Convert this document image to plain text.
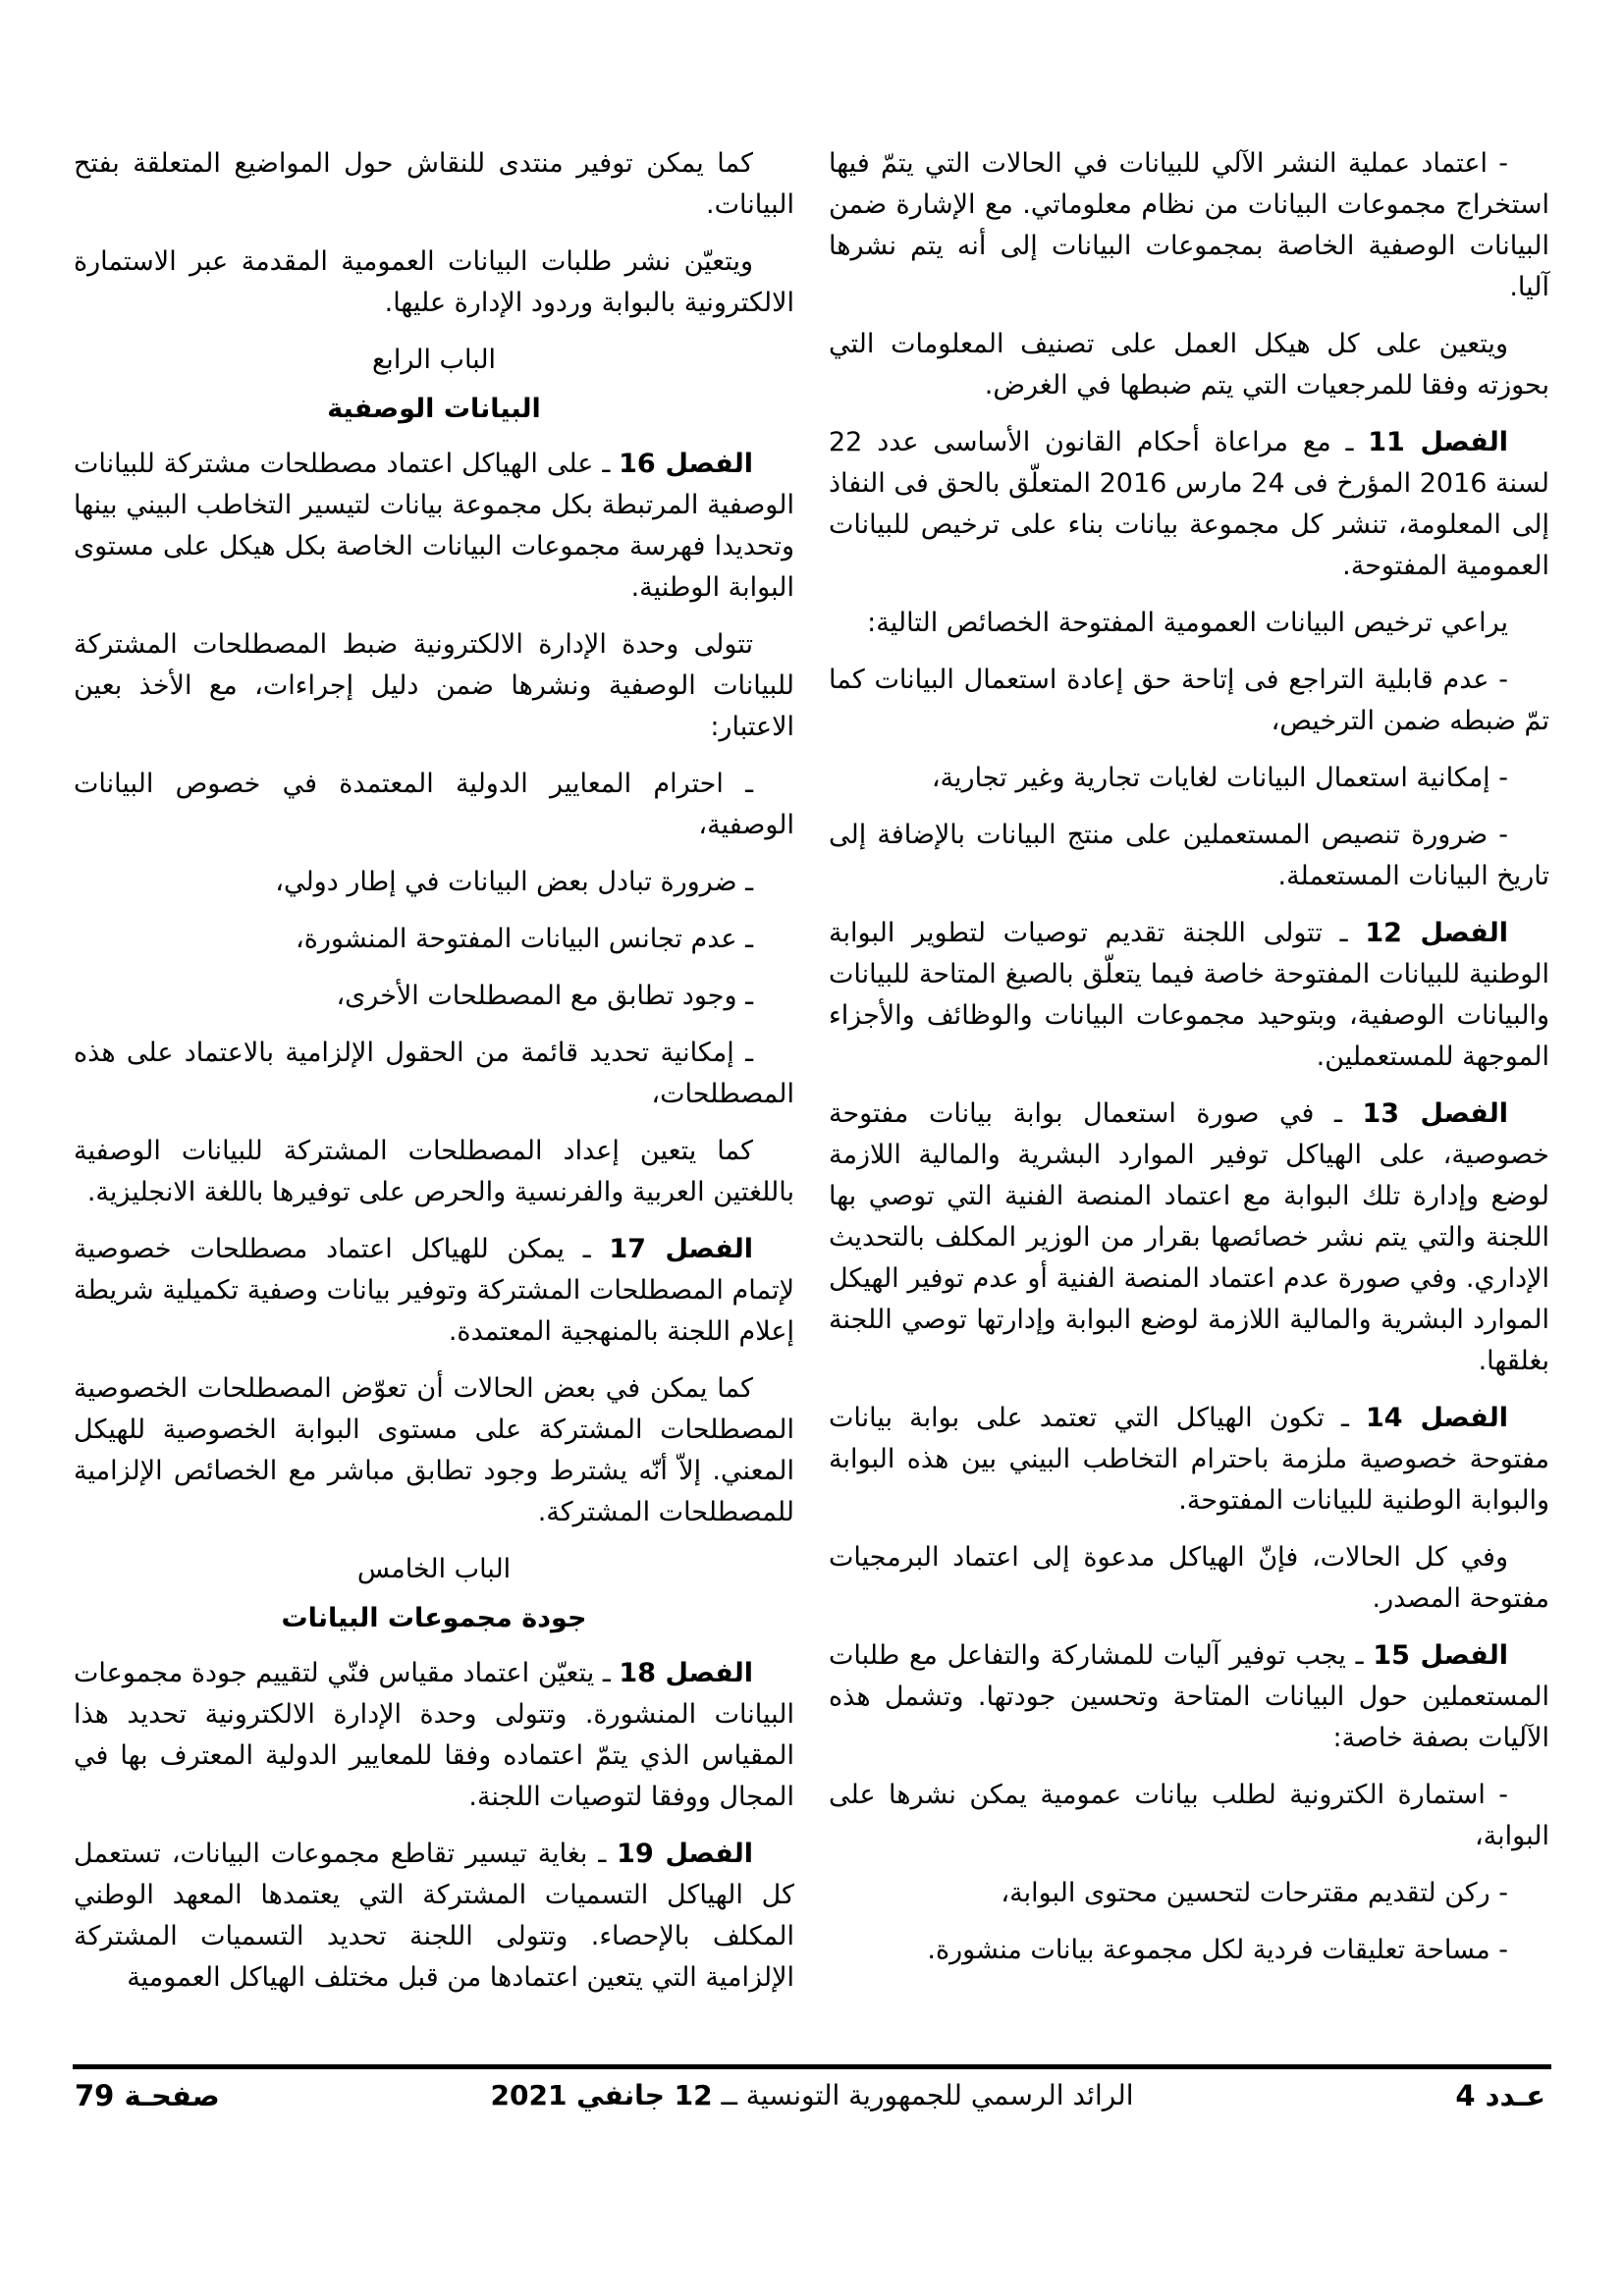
- اعتماد عملية النشر الآلي للبيانات في الحالات التي يتمّ فيها استخراج مجموعات البيانات من نظام معلوماتي. مع الإشارة ضمن البيانات الوصفية الخاصة بمجموعات البيانات إلى أنه يتم نشرها آليا.

ويتعين على كل هيكل العمل على تصنيف المعلومات التي بحوزته وفقا للمرجعيات التي يتم ضبطها في الغرض.

الفصل 11 ـ مع مراعاة أحكام القانون الأساسى عدد 22 لسنة 2016 المؤرخ فى 24 مارس 2016 المتعلّق بالحق فى النفاذ إلى المعلومة، تنشر كل مجموعة بيانات بناء على ترخيص للبيانات العمومية المفتوحة.

يراعي ترخيص البيانات العمومية المفتوحة الخصائص التالية:

- عدم قابلية التراجع فى إتاحة حق إعادة استعمال البيانات كما تمّ ضبطه ضمن الترخيص،

- إمكانية استعمال البيانات لغايات تجارية وغير تجارية،

- ضرورة تنصيص المستعملين على منتج البيانات بالإضافة إلى تاريخ البيانات المستعملة.

الفصل 12 ـ تتولى اللجنة تقديم توصيات لتطوير البوابة الوطنية للبيانات المفتوحة خاصة فيما يتعلّق بالصيغ المتاحة للبيانات والبيانات الوصفية، وبتوحيد مجموعات البيانات والوظائف والأجزاء الموجهة للمستعملين.

الفصل 13 ـ في صورة استعمال بوابة بيانات مفتوحة خصوصية، على الهياكل توفير الموارد البشرية والمالية اللازمة لوضع وإدارة تلك البوابة مع اعتماد المنصة الفنية التي توصي بها اللجنة والتي يتم نشر خصائصها بقرار من الوزير المكلف بالتحديث الإداري. وفي صورة عدم اعتماد المنصة الفنية أو عدم توفير الهيكل الموارد البشرية والمالية اللازمة لوضع البوابة وإدارتها توصي اللجنة بغلقها.

الفصل 14 ـ تكون الهياكل التي تعتمد على بوابة بيانات مفتوحة خصوصية ملزمة باحترام التخاطب البيني بين هذه البوابة والبوابة الوطنية للبيانات المفتوحة.

وفي كل الحالات، فإنّ الهياكل مدعوة إلى اعتماد البرمجيات مفتوحة المصدر.

الفصل 15 ـ يجب توفير آليات للمشاركة والتفاعل مع طلبات المستعملين حول البيانات المتاحة وتحسين جودتها. وتشمل هذه الآليات بصفة خاصة:

- استمارة الكترونية لطلب بيانات عمومية يمكن نشرها على البوابة،

- ركن لتقديم مقترحات لتحسين محتوى البوابة،

- مساحة تعليقات فردية لكل مجموعة بيانات منشورة.

كما يمكن توفير منتدى للنقاش حول المواضيع المتعلقة بفتح البيانات.

ويتعيّن نشر طلبات البيانات العمومية المقدمة عبر الاستمارة الالكترونية بالبوابة وردود الإدارة عليها.

الباب الرابع

البيانات الوصفية

الفصل 16 ـ على الهياكل اعتماد مصطلحات مشتركة للبيانات الوصفية المرتبطة بكل مجموعة بيانات لتيسير التخاطب البيني بينها وتحديدا فهرسة مجموعات البيانات الخاصة بكل هيكل على مستوى البوابة الوطنية.

تتولى وحدة الإدارة الالكترونية ضبط المصطلحات المشتركة للبيانات الوصفية ونشرها ضمن دليل إجراءات، مع الأخذ بعين الاعتبار:

ـ احترام المعايير الدولية المعتمدة في خصوص البيانات الوصفية،

ـ ضرورة تبادل بعض البيانات في إطار دولي،

ـ عدم تجانس البيانات المفتوحة المنشورة،

ـ وجود تطابق مع المصطلحات الأخرى،

ـ إمكانية تحديد قائمة من الحقول الإلزامية بالاعتماد على هذه المصطلحات،

كما يتعين إعداد المصطلحات المشتركة للبيانات الوصفية باللغتين العربية والفرنسية والحرص على توفيرها باللغة الانجليزية.

الفصل 17 ـ يمكن للهياكل اعتماد مصطلحات خصوصية لإتمام المصطلحات المشتركة وتوفير بيانات وصفية تكميلية شريطة إعلام اللجنة بالمنهجية المعتمدة.

كما يمكن في بعض الحالات أن تعوّض المصطلحات الخصوصية المصطلحات المشتركة على مستوى البوابة الخصوصية للهيكل المعني. إلاّ أنّه يشترط وجود تطابق مباشر مع الخصائص الإلزامية للمصطلحات المشتركة.

الباب الخامس

جودة مجموعات البيانات

الفصل 18 ـ يتعيّن اعتماد مقياس فنّي لتقييم جودة مجموعات البيانات المنشورة. وتتولى وحدة الإدارة الالكترونية تحديد هذا المقياس الذي يتمّ اعتماده وفقا للمعايير الدولية المعترف بها في المجال ووفقا لتوصيات اللجنة.

الفصل 19 ـ بغاية تيسير تقاطع مجموعات البيانات، تستعمل كل الهياكل التسميات المشتركة التي يعتمدها المعهد الوطني المكلف بالإحصاء. وتتولى اللجنة تحديد التسميات المشتركة الإلزامية التي يتعين اعتمادها من قبل مختلف الهياكل العمومية

عـدد 4
الرائد الرسمي للجمهورية التونسية ــ 12 جانفي 2021
صفحـة 79
